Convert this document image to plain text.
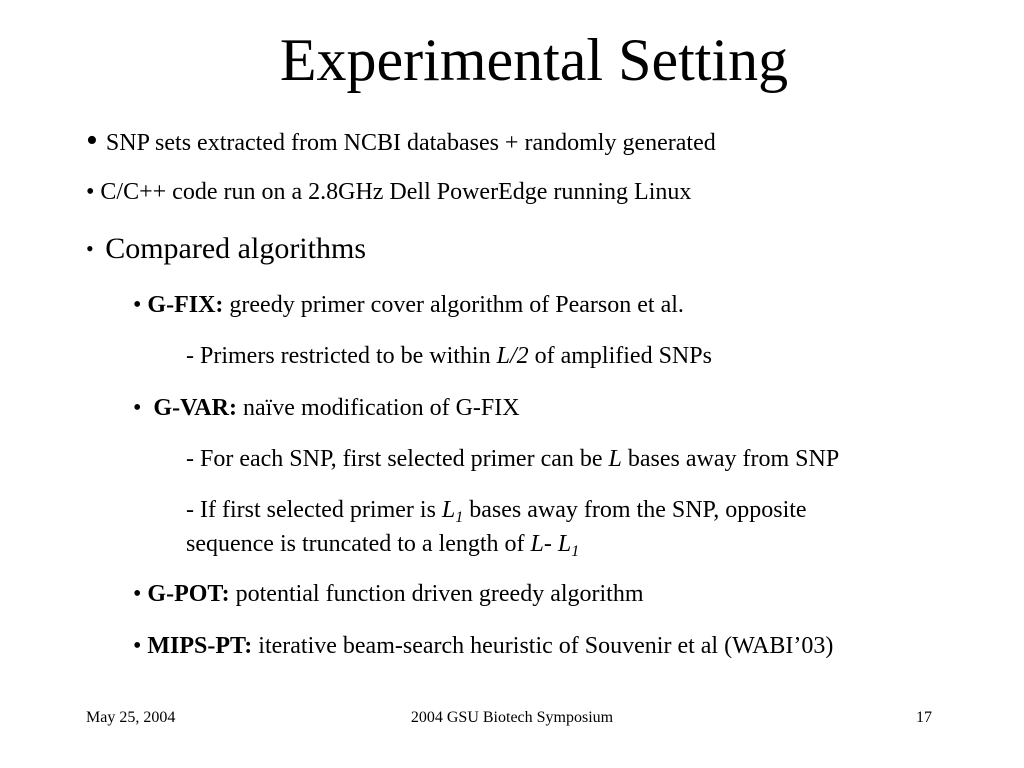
Experimental Setting
• SNP sets extracted from NCBI databases + randomly generated
• C/C++ code run on a 2.8GHz Dell PowerEdge running Linux
• Compared algorithms
• G-FIX: greedy primer cover algorithm of Pearson et al.
- Primers restricted to be within L/2 of amplified SNPs
• G-VAR: naïve modification of G-FIX
- For each SNP, first selected primer can be L bases away from SNP
- If first selected primer is $L_1$ bases away from the SNP, opposite
sequence is truncated to a length of L- $L_1$
• G-POT: potential function driven greedy algorithm
• MIPS-PT: iterative beam-search heuristic of Souvenir et al (WABI’03)
May 25, 2004	2004 GSU Biotech Symposium	17
